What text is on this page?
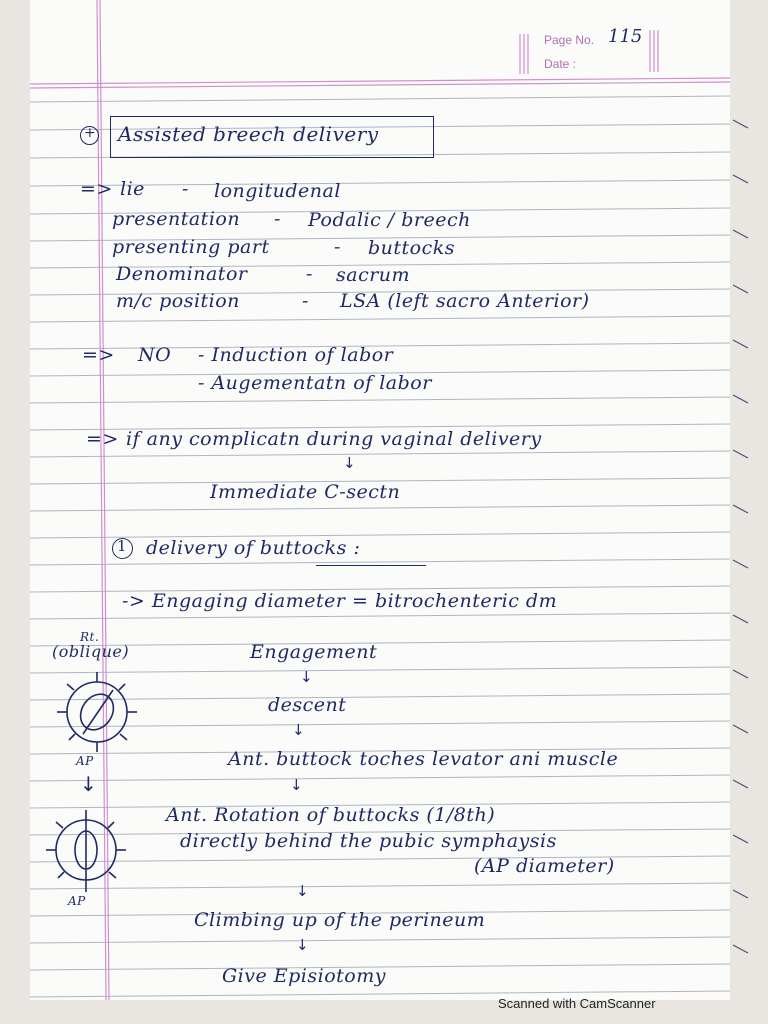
Page No. 115
Date :
+ Assisted breech delivery
=> lie - longitudenal
presentation - Podalic / breech
presenting part	- buttocks
Denominator	- sacrum
m/c position	- LSA (left sacro Anterior)
=> NO - Induction of labor
- Augementatn of labor
=> if any complicatn during vaginal delivery
↓
Immediate C-sectn
1 delivery of buttocks :
-> Engaging diameter = bitrochenteric dm
Rt.
(oblique)
AP
↓
AP
Engagement
↓
descent
↓
Ant. buttock toches levator ani muscle
↓
Ant. Rotation of buttocks (1/8th)
directly behind the pubic symphaysis
(AP diameter)
↓
Climbing up of the perineum
↓
Give Episiotomy
Scanned with CamScanner
